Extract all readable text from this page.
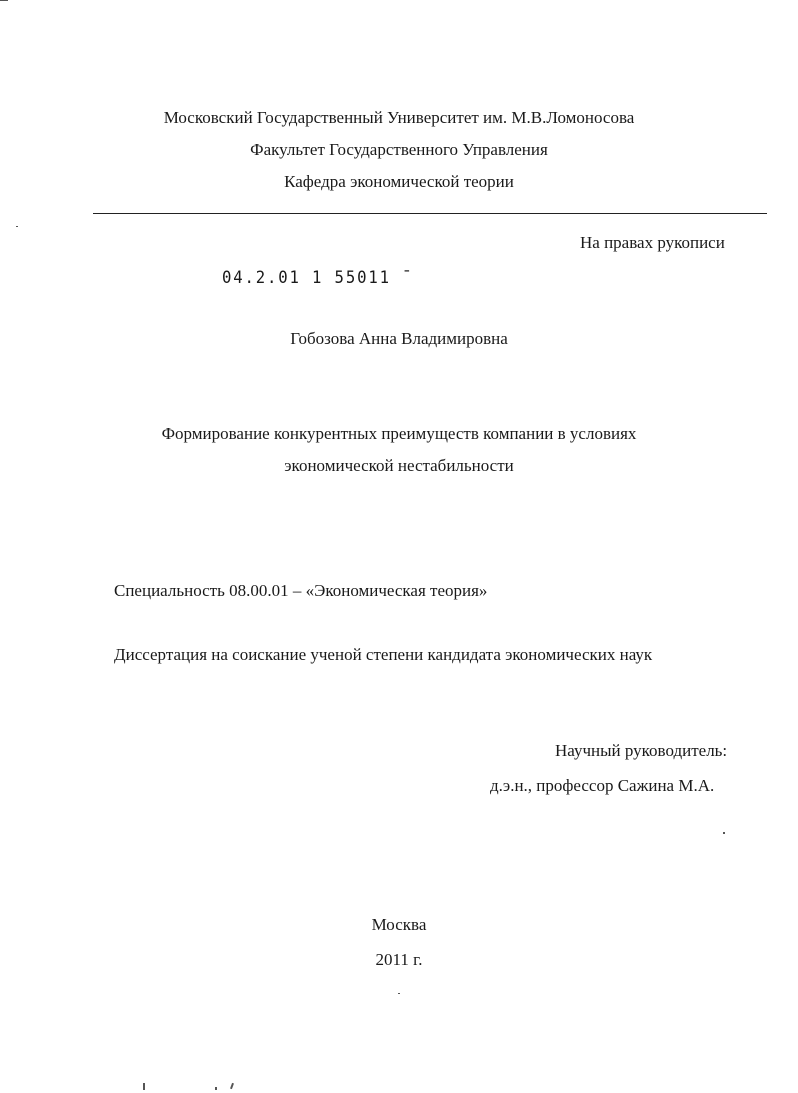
Московский Государственный Университет им. М.В.Ломоносова
Факультет Государственного Управления
Кафедра экономической теории
На правах рукописи
04.2.01 1 55011 ˉ
Гобозова Анна Владимировна
Формирование конкурентных преимуществ компании в условиях
экономической нестабильности
Специальность 08.00.01 – «Экономическая теория»
Диссертация на соискание ученой степени кандидата экономических наук
Научный руководитель:
д.э.н., профессор Сажина М.А.
Москва
2011 г.
